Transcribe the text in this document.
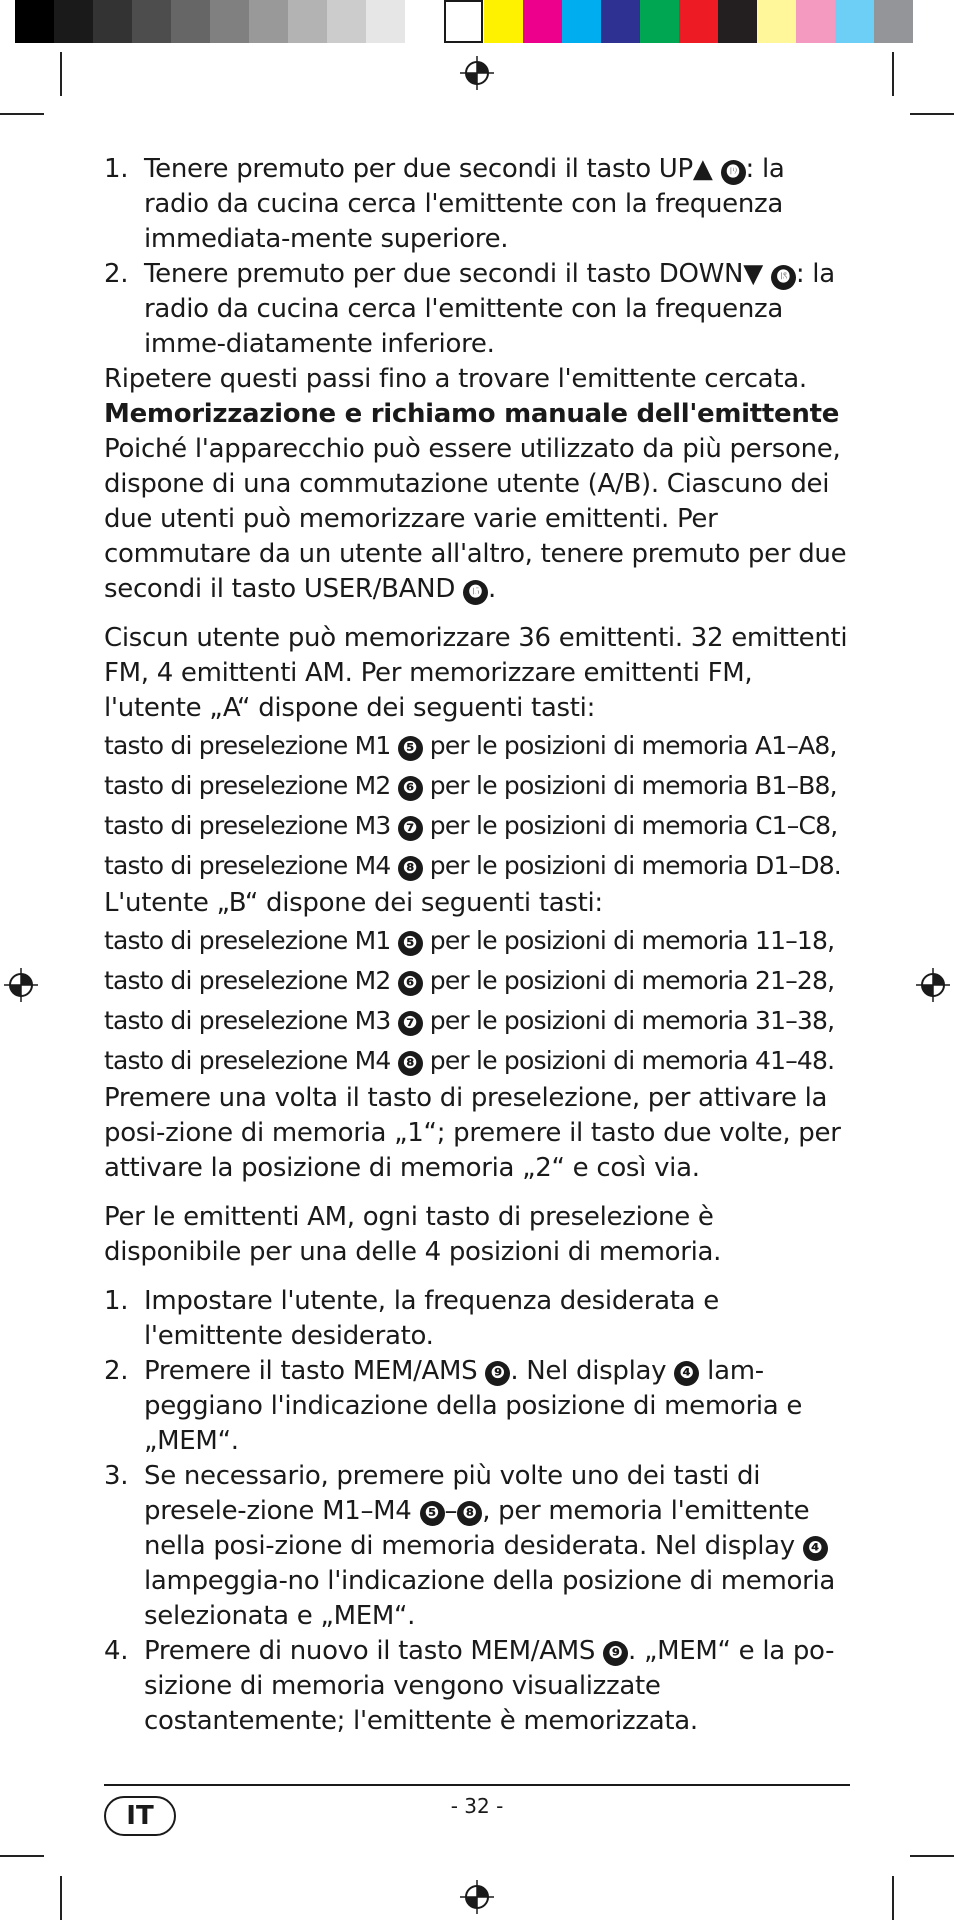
1. Tenere premuto per due secondi il tasto UP▲ ⓳ : la radio da cucina cerca l'emittente con la frequenza immediata-mente superiore.
2. Tenere premuto per due secondi il tasto DOWN▼ ⓲ : la radio da cucina cerca l'emittente con la frequenza imme-diatamente inferiore.

Ripetere questi passi fino a trovare l'emittente cercata.

Memorizzazione e richiamo manuale dell'emittente

Poiché l'apparecchio può essere utilizzato da più persone, dispone di una commutazione utente (A/B). Ciascuno dei due utenti può memorizzare varie emittenti. Per commutare da un utente all'altro, tenere premuto per due secondi il tasto USER/BAND ⓯ .

Ciscun utente può memorizzare 36 emittenti. 32 emittenti FM, 4 emittenti AM. Per memorizzare emittenti FM, l'utente „A“ dispone dei seguenti tasti:

tasto di preselezione M1 ❺ per le posizioni di memoria A1–A8,
tasto di preselezione M2 ❻ per le posizioni di memoria B1–B8,
tasto di preselezione M3 ❼ per le posizioni di memoria C1–C8,
tasto di preselezione M4 ❽ per le posizioni di memoria D1–D8.

L'utente „B“ dispone dei seguenti tasti:

tasto di preselezione M1 ❺ per le posizioni di memoria 11–18,
tasto di preselezione M2 ❻ per le posizioni di memoria 21–28,
tasto di preselezione M3 ❼ per le posizioni di memoria 31–38,
tasto di preselezione M4 ❽ per le posizioni di memoria 41–48.

Premere una volta il tasto di preselezione, per attivare la posi-zione di memoria „1“; premere il tasto due volte, per attivare la posizione di memoria „2“ e così via.

Per le emittenti AM, ogni tasto di preselezione è disponibile per una delle 4 posizioni di memoria.

1. Impostare l'utente, la frequenza desiderata e l'emittente desiderato.
2. Premere il tasto MEM/AMS ❾ . Nel display ❹ lam-peggiano l'indicazione della posizione di memoria e „MEM“.
3. Se necessario, premere più volte uno dei tasti di presele-zione M1–M4 ❺ – ❽ , per memoria l'emittente nella posi-zione di memoria desiderata. Nel display ❹ lampeggia-no l'indicazione della posizione di memoria selezionata e „MEM“.
4. Premere di nuovo il tasto MEM/AMS ❾ . „MEM“ e la po-sizione di memoria vengono visualizzate costantemente; l'emittente è memorizzata.
IT	- 32 -
